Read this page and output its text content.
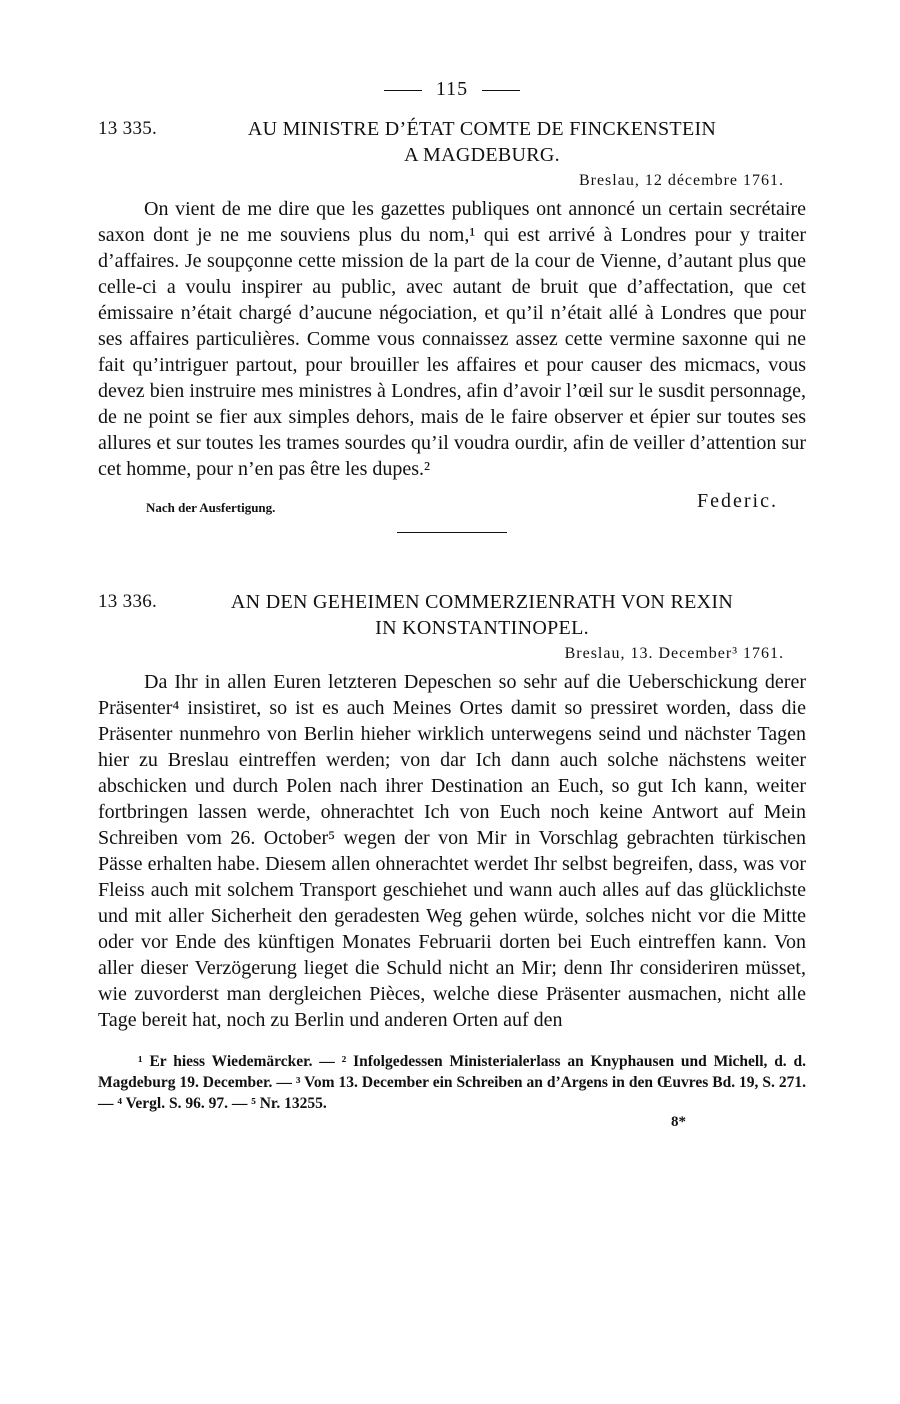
115
13 335.	AU MINISTRE D’ÉTAT COMTE DE FINCKENSTEIN
A MAGDEBURG.
Breslau, 12 décembre 1761.

On vient de me dire que les gazettes publiques ont annoncé un certain secrétaire saxon dont je ne me souviens plus du nom,¹ qui est arrivé à Londres pour y traiter d’affaires. Je soupçonne cette mission de la part de la cour de Vienne, d’autant plus que celle-ci a voulu inspirer au public, avec autant de bruit que d’affectation, que cet émissaire n’était chargé d’aucune négociation, et qu’il n’était allé à Londres que pour ses affaires particulières. Comme vous connaissez assez cette vermine saxonne qui ne fait qu’intriguer partout, pour brouiller les affaires et pour causer des micmacs, vous devez bien instruire mes ministres à Londres, afin d’avoir l’œil sur le susdit personnage, de ne point se fier aux simples dehors, mais de le faire observer et épier sur toutes ses allures et sur toutes les trames sourdes qu’il voudra ourdir, afin de veiller d’attention sur cet homme, pour n’en pas être les dupes.²

Nach der Ausfertigung.	Federic.
13 336.	AN DEN GEHEIMEN COMMERZIENRATH VON REXIN
IN KONSTANTINOPEL.
Breslau, 13. December³ 1761.

Da Ihr in allen Euren letzteren Depeschen so sehr auf die Ueberschickung derer Präsenter⁴ insistiret, so ist es auch Meines Ortes damit so pressiret worden, dass die Präsenter nunmehro von Berlin hieher wirklich unterwegens seind und nächster Tagen hier zu Breslau eintreffen werden; von dar Ich dann auch solche nächstens weiter abschicken und durch Polen nach ihrer Destination an Euch, so gut Ich kann, weiter fortbringen lassen werde, ohnerachtet Ich von Euch noch keine Antwort auf Mein Schreiben vom 26. October⁵ wegen der von Mir in Vorschlag gebrachten türkischen Pässe erhalten habe. Diesem allen ohnerachtet werdet Ihr selbst begreifen, dass, was vor Fleiss auch mit solchem Transport geschiehet und wann auch alles auf das glücklichste und mit aller Sicherheit den geradesten Weg gehen würde, solches nicht vor die Mitte oder vor Ende des künftigen Monates Februarii dorten bei Euch eintreffen kann. Von aller dieser Verzögerung lieget die Schuld nicht an Mir; denn Ihr consideriren müsset, wie zuvorderst man dergleichen Pièces, welche diese Präsenter ausmachen, nicht alle Tage bereit hat, noch zu Berlin und anderen Orten auf den

¹ Er hiess Wiedemärcker. — ² Infolgedessen Ministerialerlass an Knyphausen und Michell, d. d. Magdeburg 19. December. — ³ Vom 13. December ein Schreiben an d’Argens in den Œuvres Bd. 19, S. 271. — ⁴ Vergl. S. 96. 97. — ⁵ Nr. 13255.

8*
